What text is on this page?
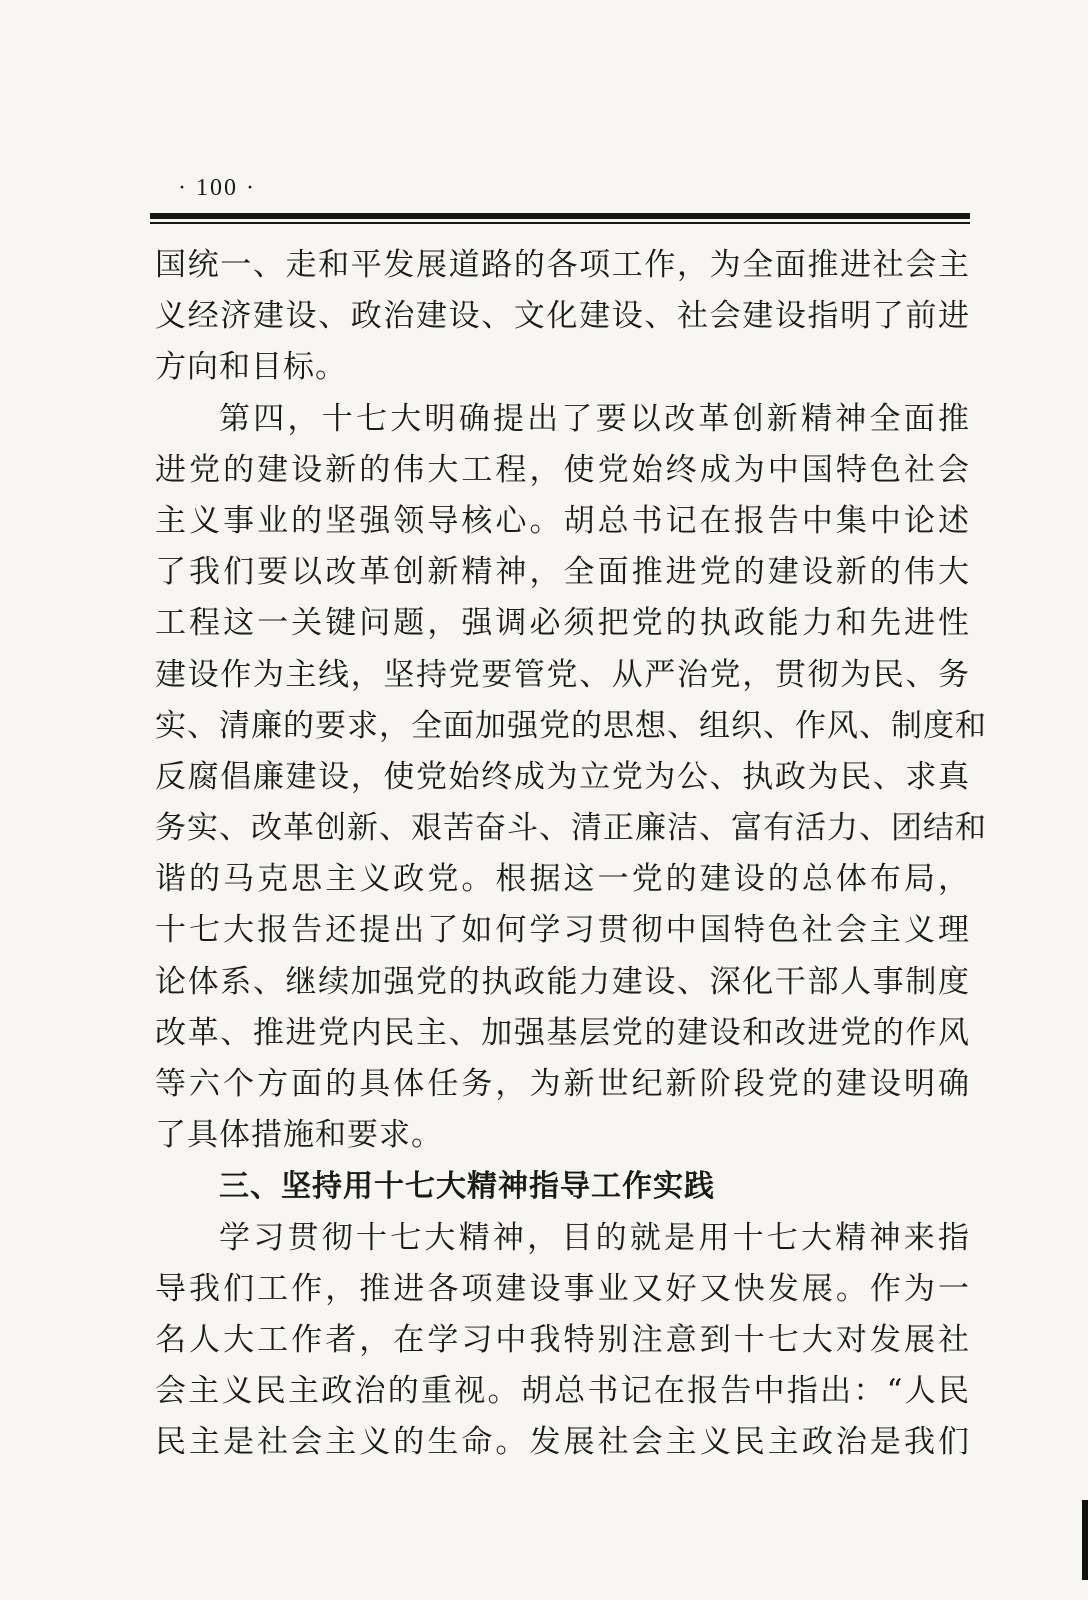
· 100 ·
国统一、走和平发展道路的各项工作，为全面推进社会主
义经济建设、政治建设、文化建设、社会建设指明了前进
方向和目标。
第四，十七大明确提出了要以改革创新精神全面推
进党的建设新的伟大工程，使党始终成为中国特色社会
主义事业的坚强领导核心。胡总书记在报告中集中论述
了我们要以改革创新精神，全面推进党的建设新的伟大
工程这一关键问题，强调必须把党的执政能力和先进性
建设作为主线，坚持党要管党、从严治党，贯彻为民、务
实、清廉的要求，全面加强党的思想、组织、作风、制度和
反腐倡廉建设，使党始终成为立党为公、执政为民、求真
务实、改革创新、艰苦奋斗、清正廉洁、富有活力、团结和
谐的马克思主义政党。根据这一党的建设的总体布局，
十七大报告还提出了如何学习贯彻中国特色社会主义理
论体系、继续加强党的执政能力建设、深化干部人事制度
改革、推进党内民主、加强基层党的建设和改进党的作风
等六个方面的具体任务，为新世纪新阶段党的建设明确
了具体措施和要求。
三、坚持用十七大精神指导工作实践
学习贯彻十七大精神，目的就是用十七大精神来指
导我们工作，推进各项建设事业又好又快发展。作为一
名人大工作者，在学习中我特别注意到十七大对发展社
会主义民主政治的重视。胡总书记在报告中指出：“人民
民主是社会主义的生命。发展社会主义民主政治是我们
